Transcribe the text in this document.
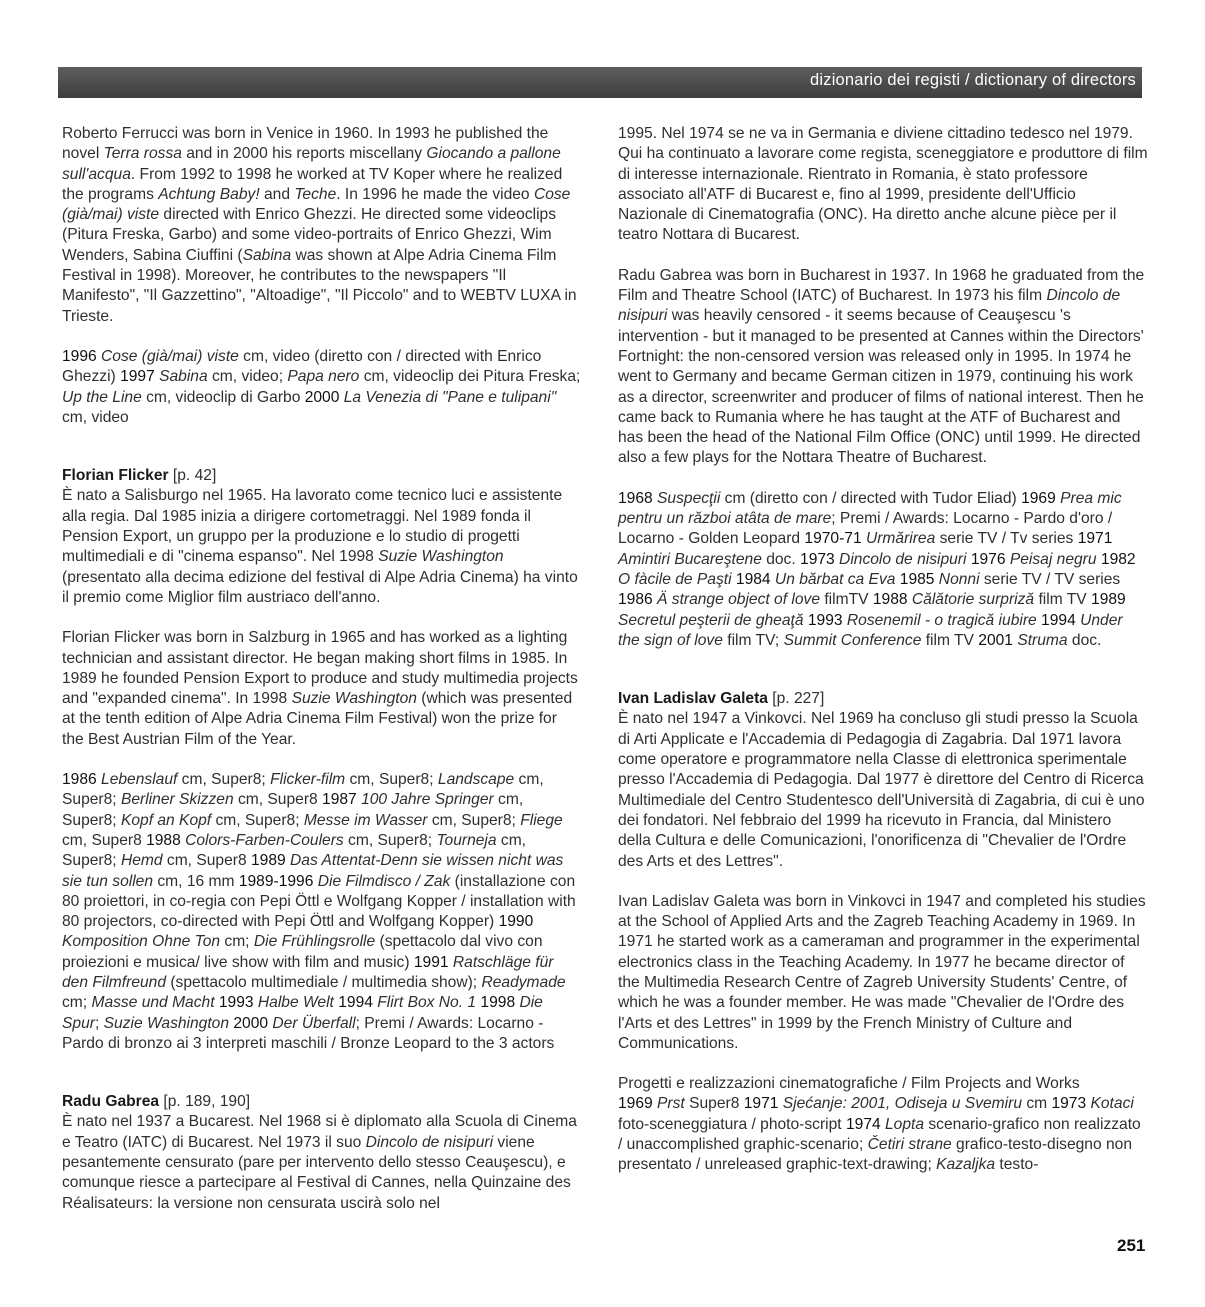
dizionario dei registi / dictionary of directors

Roberto Ferrucci was born in Venice in 1960. In 1993 he published the novel Terra rossa and in 2000 his reports miscellany Giocando a pallone sull'acqua. From 1992 to 1998 he worked at TV Koper where he realized the programs Achtung Baby! and Teche. In 1996 he made the video Cose (già/mai) viste directed with Enrico Ghezzi. He directed some videoclips (Pitura Freska, Garbo) and some video-portraits of Enrico Ghezzi, Wim Wenders, Sabina Ciuffini (Sabina was shown at Alpe Adria Cinema Film Festival in 1998). Moreover, he contributes to the newspapers "Il Manifesto", "Il Gazzettino", "Altoadige", "Il Piccolo" and to WEBTV LUXA in Trieste.

1996 Cose (già/mai) viste cm, video (diretto con / directed with Enrico Ghezzi) 1997 Sabina cm, video; Papa nero cm, videoclip dei Pitura Freska; Up the Line cm, videoclip di Garbo 2000 La Venezia di "Pane e tulipani" cm, video

Florian Flicker [p. 42]

È nato a Salisburgo nel 1965. Ha lavorato come tecnico luci e assistente alla regia. Dal 1985 inizia a dirigere cortometraggi. Nel 1989 fonda il Pension Export, un gruppo per la produzione e lo studio di progetti multimediali e di "cinema espanso". Nel 1998 Suzie Washington (presentato alla decima edizione del festival di Alpe Adria Cinema) ha vinto il premio come Miglior film austriaco dell'anno.

Florian Flicker was born in Salzburg in 1965 and has worked as a lighting technician and assistant director. He began making short films in 1985. In 1989 he founded Pension Export to produce and study multimedia projects and "expanded cinema". In 1998 Suzie Washington (which was presented at the tenth edition of Alpe Adria Cinema Film Festival) won the prize for the Best Austrian Film of the Year.

1986 Lebenslauf cm, Super8; Flicker-film cm, Super8; Landscape cm, Super8; Berliner Skizzen cm, Super8 1987 100 Jahre Springer cm, Super8; Kopf an Kopf cm, Super8; Messe im Wasser cm, Super8; Fliege cm, Super8 1988 Colors-Farben-Coulers cm, Super8; Tourneja cm, Super8; Hemd cm, Super8 1989 Das Attentat-Denn sie wissen nicht was sie tun sollen cm, 16 mm 1989-1996 Die Filmdisco / Zak (installazione con 80 proiettori, in co-regia con Pepi Öttl e Wolfgang Kopper / installation with 80 projectors, co-directed with Pepi Öttl and Wolfgang Kopper) 1990 Komposition Ohne Ton cm; Die Frühlingsrolle (spettacolo dal vivo con proiezioni e musica/ live show with film and music) 1991 Ratschläge für den Filmfreund (spettacolo multimediale / multimedia show); Readymade cm; Masse und Macht 1993 Halbe Welt 1994 Flirt Box No. 1 1998 Die Spur; Suzie Washington 2000 Der Überfall; Premi / Awards: Locarno - Pardo di bronzo ai 3 interpreti maschili / Bronze Leopard to the 3 actors

Radu Gabrea [p. 189, 190]

È nato nel 1937 a Bucarest. Nel 1968 si è diplomato alla Scuola di Cinema e Teatro (IATC) di Bucarest. Nel 1973 il suo Dincolo de nisipuri viene pesantemente censurato (pare per intervento dello stesso Ceauşescu), e comunque riesce a partecipare al Festival di Cannes, nella Quinzaine des Réalisateurs: la versione non censurata uscirà solo nel

1995. Nel 1974 se ne va in Germania e diviene cittadino tedesco nel 1979. Qui ha continuato a lavorare come regista, sceneggiatore e produttore di film di interesse internazionale. Rientrato in Romania, è stato professore associato all'ATF di Bucarest e, fino al 1999, presidente dell'Ufficio Nazionale di Cinematografia (ONC). Ha diretto anche alcune pièce per il teatro Nottara di Bucarest.

Radu Gabrea was born in Bucharest in 1937. In 1968 he graduated from the Film and Theatre School (IATC) of Bucharest. In 1973 his film Dincolo de nisipuri was heavily censored - it seems because of Ceauşescu 's intervention - but it managed to be presented at Cannes within the Directors' Fortnight: the non-censored version was released only in 1995. In 1974 he went to Germany and became German citizen in 1979, continuing his work as a director, screenwriter and producer of films of national interest. Then he came back to Rumania where he has taught at the ATF of Bucharest and has been the head of the National Film Office (ONC) until 1999. He directed also a few plays for the Nottara Theatre of Bucharest.

1968 Suspecţii cm (diretto con / directed with Tudor Eliad) 1969 Prea mic pentru un război atâta de mare; Premi / Awards: Locarno - Pardo d'oro / Locarno - Golden Leopard 1970-71 Urmărirea serie TV / Tv series 1971 Amintiri Bucareştene doc. 1973 Dincolo de nisipuri 1976 Peisaj negru 1982 O fàcile de Paşti 1984 Un bărbat ca Eva 1985 Nonni serie TV / TV series 1986 Ä strange object of love filmTV 1988 Călătorie surpriză film TV 1989 Secretul peşterii de gheaţă 1993 Rosenemil - o tragică iubire 1994 Under the sign of love film TV; Summit Conference film TV 2001 Struma doc.

Ivan Ladislav Galeta [p. 227]

È nato nel 1947 a Vinkovci. Nel 1969 ha concluso gli studi presso la Scuola di Arti Applicate e l'Accademia di Pedagogia di Zagabria. Dal 1971 lavora come operatore e programmatore nella Classe di elettronica sperimentale presso l'Accademia di Pedagogia. Dal 1977 è direttore del Centro di Ricerca Multimediale del Centro Studentesco dell'Università di Zagabria, di cui è uno dei fondatori. Nel febbraio del 1999 ha ricevuto in Francia, dal Ministero della Cultura e delle Comunicazioni, l'onorificenza di "Chevalier de l'Ordre des Arts et des Lettres".

Ivan Ladislav Galeta was born in Vinkovci in 1947 and completed his studies at the School of Applied Arts and the Zagreb Teaching Academy in 1969. In 1971 he started work as a cameraman and programmer in the experimental electronics class in the Teaching Academy. In 1977 he became director of the Multimedia Research Centre of Zagreb University Students' Centre, of which he was a founder member. He was made "Chevalier de l'Ordre des l'Arts et des Lettres" in 1999 by the French Ministry of Culture and Communications.

Progetti e realizzazioni cinematografiche / Film Projects and Works
1969 Prst Super8 1971 Sjećanje: 2001, Odiseja u Svemiru cm 1973 Kotaci foto-sceneggiatura / photo-script 1974 Lopta scenario-grafico non realizzato / unaccomplished graphic-scenario; Četiri strane grafico-testo-disegno non presentato / unreleased graphic-text-drawing; Kazaljka testo-

251
